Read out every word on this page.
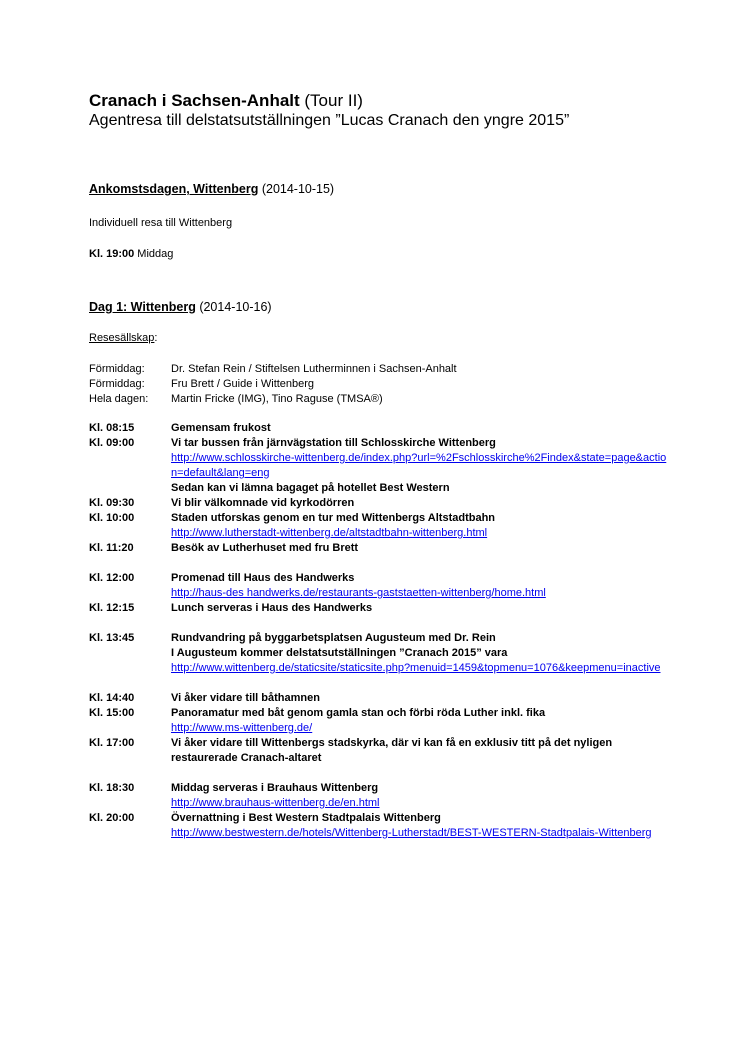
Cranach i Sachsen-Anhalt (Tour II)
Agentresa till delstatsutställningen ”Lucas Cranach den yngre 2015”
Ankomstsdagen, Wittenberg (2014-10-15)
Individuell resa till Wittenberg
Kl. 19:00 Middag
Dag 1: Wittenberg (2014-10-16)
Resesällskap:
Förmiddag:	Dr. Stefan Rein / Stiftelsen Lutherminnen i Sachsen-Anhalt
Förmiddag:	Fru Brett / Guide i Wittenberg
Hela dagen:	Martin Fricke (IMG), Tino Raguse (TMSA®)
Kl. 08:15	Gemensam frukost
Kl. 09:00	Vi tar bussen från järnvägstation till Schlosskirche Wittenberg
http://www.schlosskirche-wittenberg.de/index.php?url=%2Fschlosskirche%2Findex&state=page&action=default&lang=eng
Sedan kan vi lämna bagaget på hotellet Best Western
Kl. 09:30	Vi blir välkomnade vid kyrkodörren
Kl. 10:00	Staden utforskas genom en tur med Wittenbergs Altstadtbahn
http://www.lutherstadt-wittenberg.de/altstadtbahn-wittenberg.html
Kl. 11:20	Besök av Lutherhuset med fru Brett
Kl. 12:00	Promenad till Haus des Handwerks
http://haus-des handwerks.de/restaurants-gaststaetten-wittenberg/home.html
Kl. 12:15	Lunch serveras i Haus des Handwerks
Kl. 13:45	Rundvandring på byggarbetsplatsen Augusteum med Dr. Rein
I Augusteum kommer delstatsutställningen ”Cranach 2015” vara
http://www.wittenberg.de/staticsite/staticsite.php?menuid=1459&topmenu=1076&keepmenu=inactive
Kl. 14:40	Vi åker vidare till båthamnen
Kl. 15:00	Panoramatur med båt genom gamla stan och förbi röda Luther inkl. fika
http://www.ms-wittenberg.de/
Kl. 17:00	Vi åker vidare till Wittenbergs stadskyrka, där vi kan få en exklusiv titt på det nyligen restaurerade Cranach-altaret
Kl. 18:30	Middag serveras i Brauhaus Wittenberg
http://www.brauhaus-wittenberg.de/en.html
Kl. 20:00	Övernattning i Best Western Stadtpalais Wittenberg
http://www.bestwestern.de/hotels/Wittenberg-Lutherstadt/BEST-WESTERN-Stadtpalais-Wittenberg
